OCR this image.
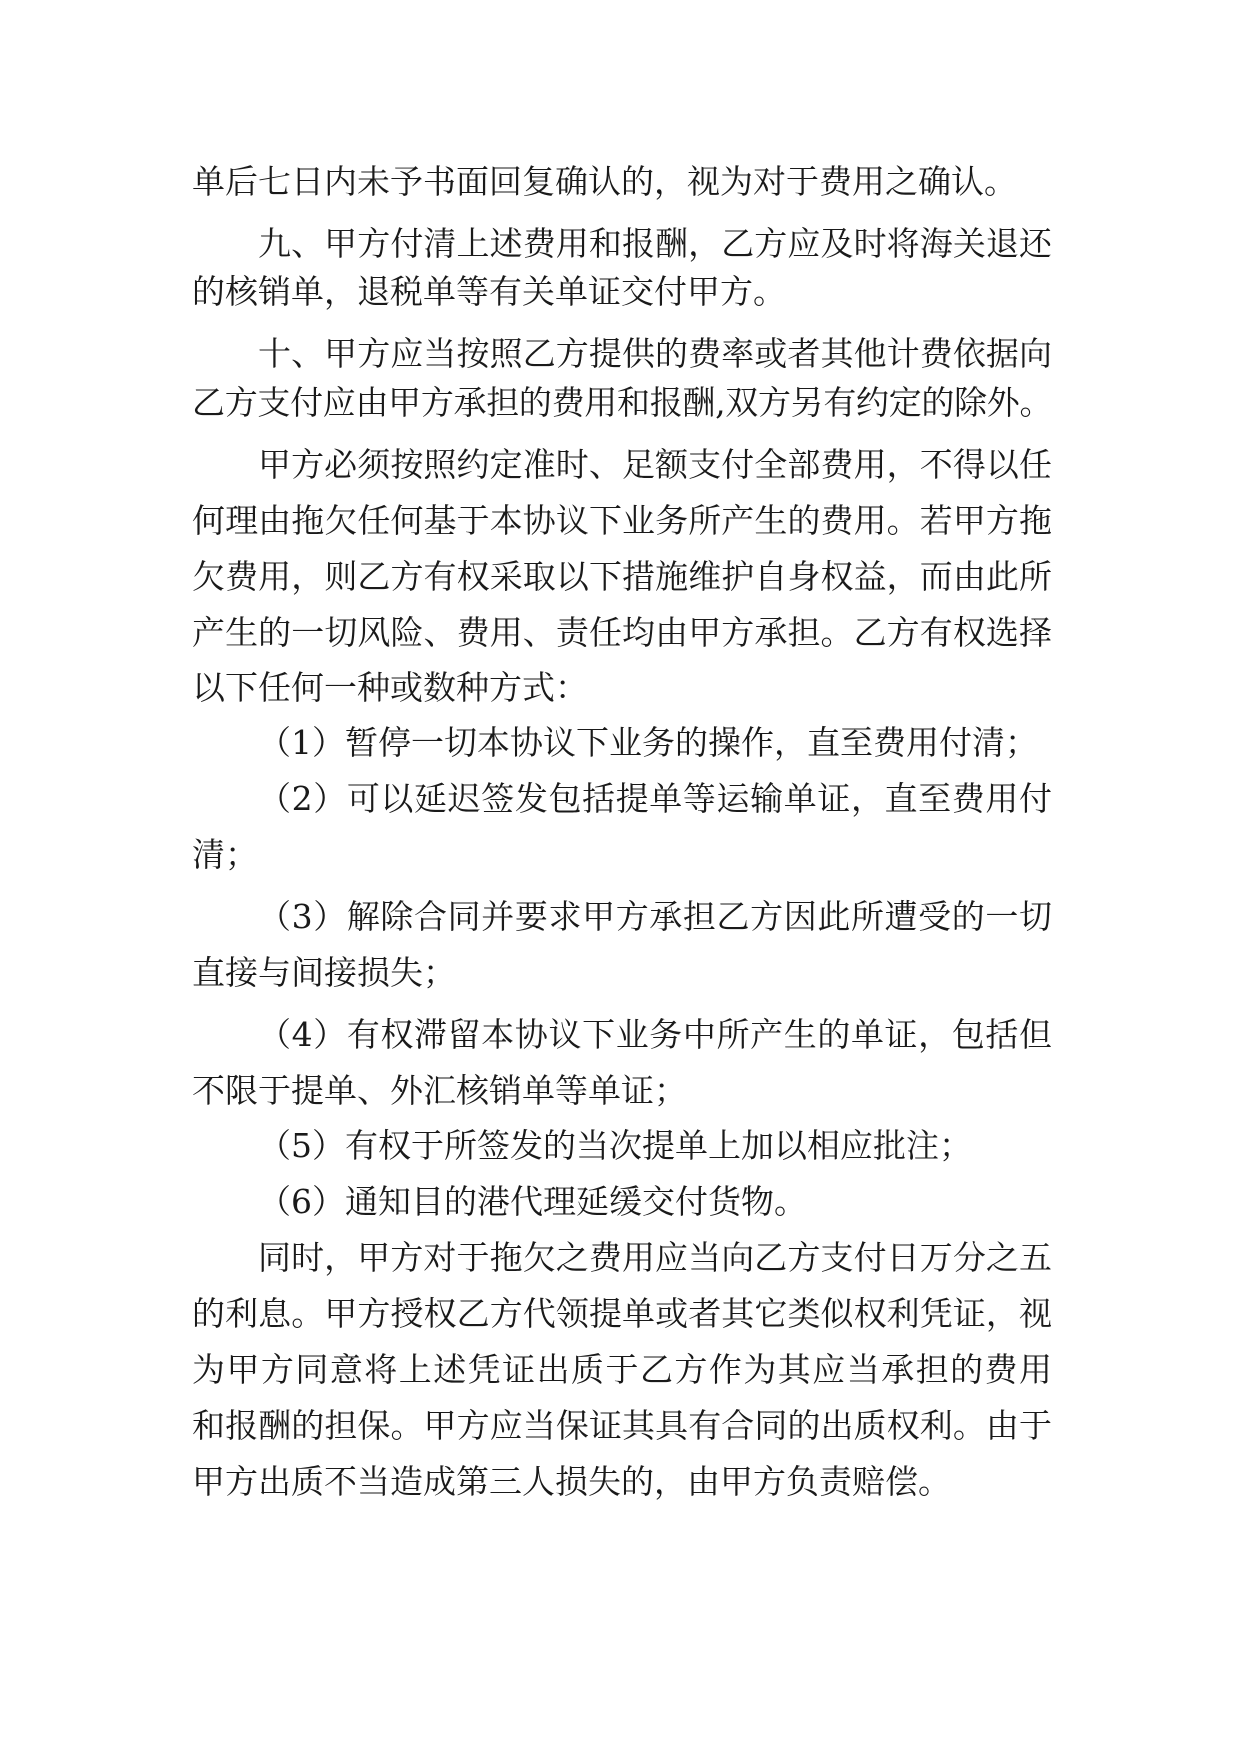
单后七日内未予书面回复确认的，视为对于费用之确认。
九、甲方付清上述费用和报酬，乙方应及时将海关退还
的核销单，退税单等有关单证交付甲方。
十、甲方应当按照乙方提供的费率或者其他计费依据向
乙方支付应由甲方承担的费用和报酬,双方另有约定的除外。
甲方必须按照约定准时、足额支付全部费用，不得以任
何理由拖欠任何基于本协议下业务所产生的费用。若甲方拖
欠费用，则乙方有权采取以下措施维护自身权益，而由此所
产生的一切风险、费用、责任均由甲方承担。乙方有权选择
以下任何一种或数种方式：
（1）暂停一切本协议下业务的操作，直至费用付清；
（2）可以延迟签发包括提单等运输单证，直至费用付
清；
（3）解除合同并要求甲方承担乙方因此所遭受的一切
直接与间接损失；
（4）有权滞留本协议下业务中所产生的单证，包括但
不限于提单、外汇核销单等单证；
（5）有权于所签发的当次提单上加以相应批注；
（6）通知目的港代理延缓交付货物。
同时，甲方对于拖欠之费用应当向乙方支付日万分之五
的利息。甲方授权乙方代领提单或者其它类似权利凭证，视
为甲方同意将上述凭证出质于乙方作为其应当承担的费用
和报酬的担保。甲方应当保证其具有合同的出质权利。由于
甲方出质不当造成第三人损失的，由甲方负责赔偿。
